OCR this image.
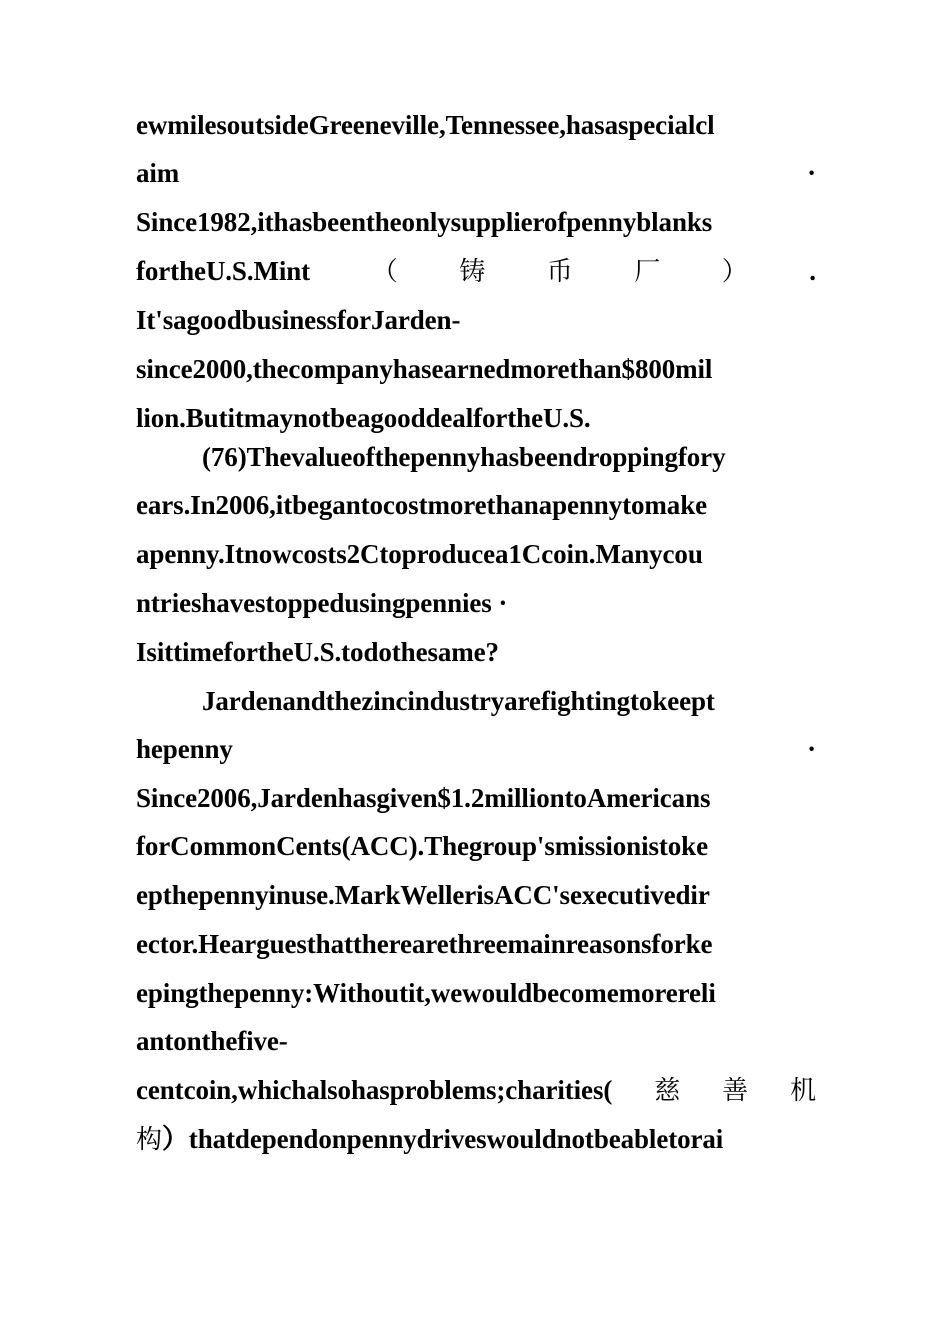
ewmilesoutsideGreeneville,Tennessee,hasaspecialcl
aim	·
Since1982,ithasbeentheonlysupplierofpennyblanks
fortheU.S.Mint （ 铸 币 厂 ） .
It'sagoodbusinessforJarden-
since2000,thecompanyhasearnedmorethan$800mil
lion.ButitmaynotbeagooddealfortheU.S.
(76)Thevalueofthepennyhasbeendroppingfory
ears.In2006,itbegantocostmorethanapennytomake
apenny.Itnowcosts2Ctoproducea1Ccoin.Manycou
ntrieshavestoppedusingpennies ·
IsittimefortheU.S.todothesame?
Jardenandthezincindustryarefightingtokeept
hepenny	·
Since2006,Jardenhasgiven$1.2milliontoAmericans
forCommonCents(ACC).Thegroup'smissionistoke
epthepennyinuse.MarkWellerisACC'sexecutivedir
ector.Hearguesthattherearethreemainreasonsforke
epingthepenny:Withoutit,wewouldbecomemorereli
antonthefive-
centcoin,whichalsohasproblems;charities( 慈 善 机
构）thatdependonpennydriveswouldnotbeabletorai
